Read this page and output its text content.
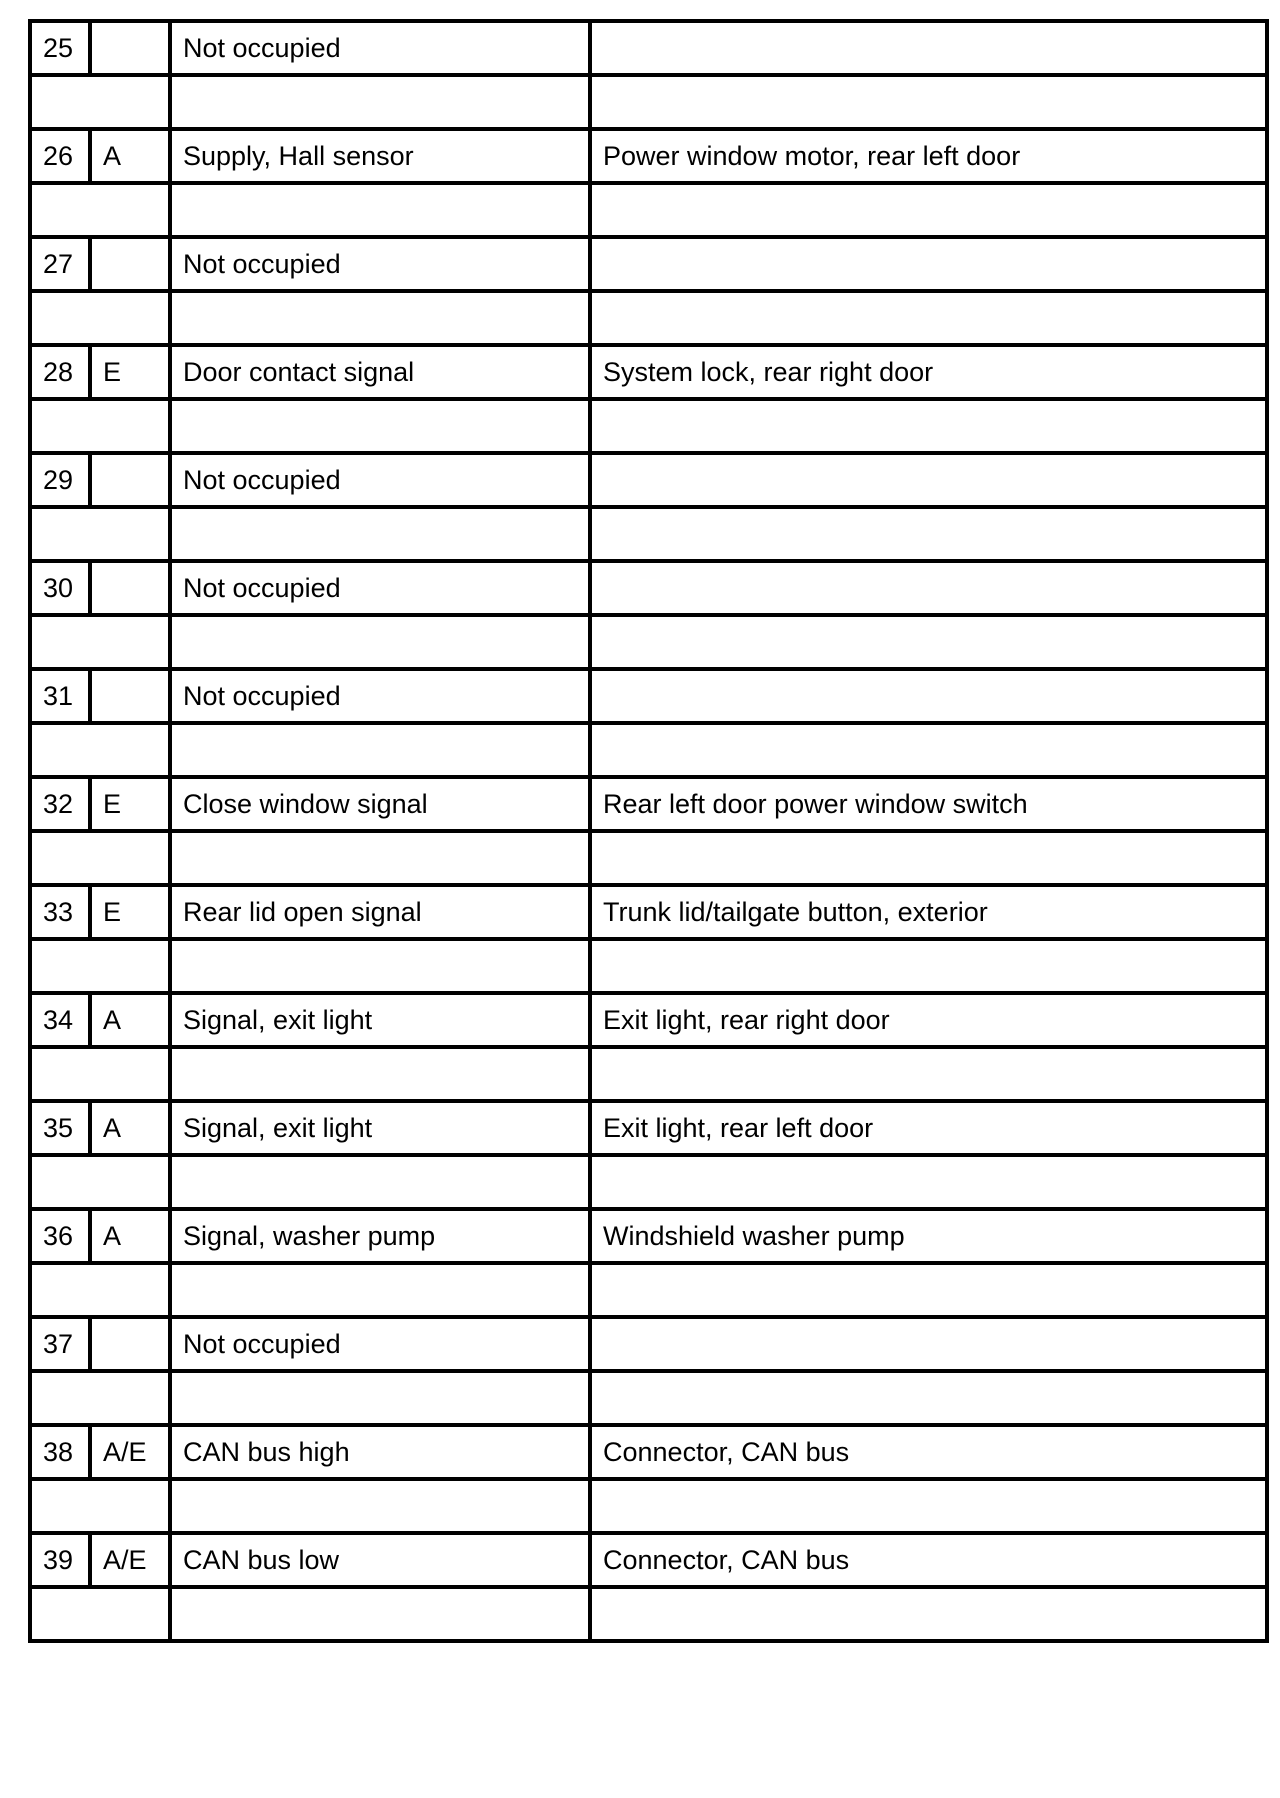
25		Not occupied	

26	A	Supply, Hall sensor	Power window motor, rear left door

27		Not occupied	

28	E	Door contact signal	System lock, rear right door

29		Not occupied	

30		Not occupied	

31		Not occupied	

32	E	Close window signal	Rear left door power window switch

33	E	Rear lid open signal	Trunk lid/tailgate button, exterior

34	A	Signal, exit light	Exit light, rear right door

35	A	Signal, exit light	Exit light, rear left door

36	A	Signal, washer pump	Windshield washer pump

37		Not occupied	

38	A/E	CAN bus high	Connector, CAN bus

39	A/E	CAN bus low	Connector, CAN bus
